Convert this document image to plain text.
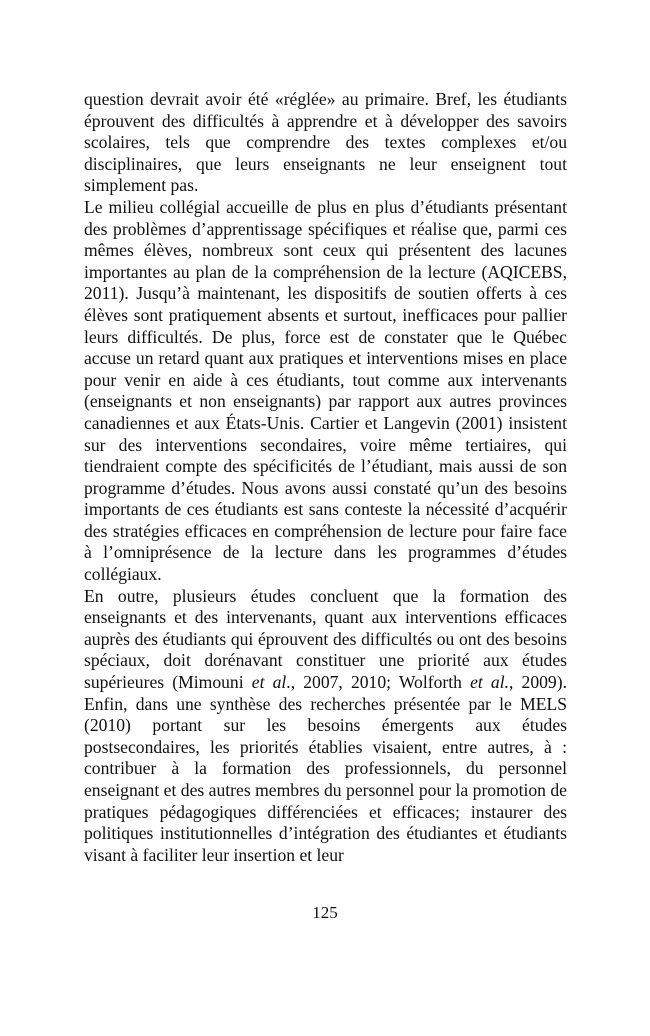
question devrait avoir été «réglée» au primaire. Bref, les étudiants éprouvent des difficultés à apprendre et à développer des savoirs scolaires, tels que comprendre des textes complexes et/ou disciplinaires, que leurs enseignants ne leur enseignent tout simplement pas.

Le milieu collégial accueille de plus en plus d’étudiants présentant des problèmes d’apprentissage spécifiques et réalise que, parmi ces mêmes élèves, nombreux sont ceux qui présentent des lacunes importantes au plan de la compréhension de la lecture (AQICEBS, 2011). Jusqu’à maintenant, les dispositifs de soutien offerts à ces élèves sont pratiquement absents et surtout, inefficaces pour pallier leurs difficultés. De plus, force est de constater que le Québec accuse un retard quant aux pratiques et interventions mises en place pour venir en aide à ces étudiants, tout comme aux intervenants (enseignants et non enseignants) par rapport aux autres provinces canadiennes et aux États-Unis. Cartier et Langevin (2001) insistent sur des interventions secondaires, voire même tertiaires, qui tiendraient compte des spécificités de l’étudiant, mais aussi de son programme d’études. Nous avons aussi constaté qu’un des besoins importants de ces étudiants est sans conteste la nécessité d’acquérir des stratégies efficaces en compréhension de lecture pour faire face à l’omniprésence de la lecture dans les programmes d’études collégiaux.

En outre, plusieurs études concluent que la formation des enseignants et des intervenants, quant aux interventions efficaces auprès des étudiants qui éprouvent des difficultés ou ont des besoins spéciaux, doit dorénavant constituer une priorité aux études supérieures (Mimouni et al., 2007, 2010; Wolforth et al., 2009). Enfin, dans une synthèse des recherches présentée par le MELS (2010) portant sur les besoins émergents aux études postsecondaires, les priorités établies visaient, entre autres, à : contribuer à la formation des professionnels, du personnel enseignant et des autres membres du personnel pour la promotion de pratiques pédagogiques différenciées et efficaces; instaurer des politiques institutionnelles d’intégration des étudiantes et étudiants visant à faciliter leur insertion et leur

125
